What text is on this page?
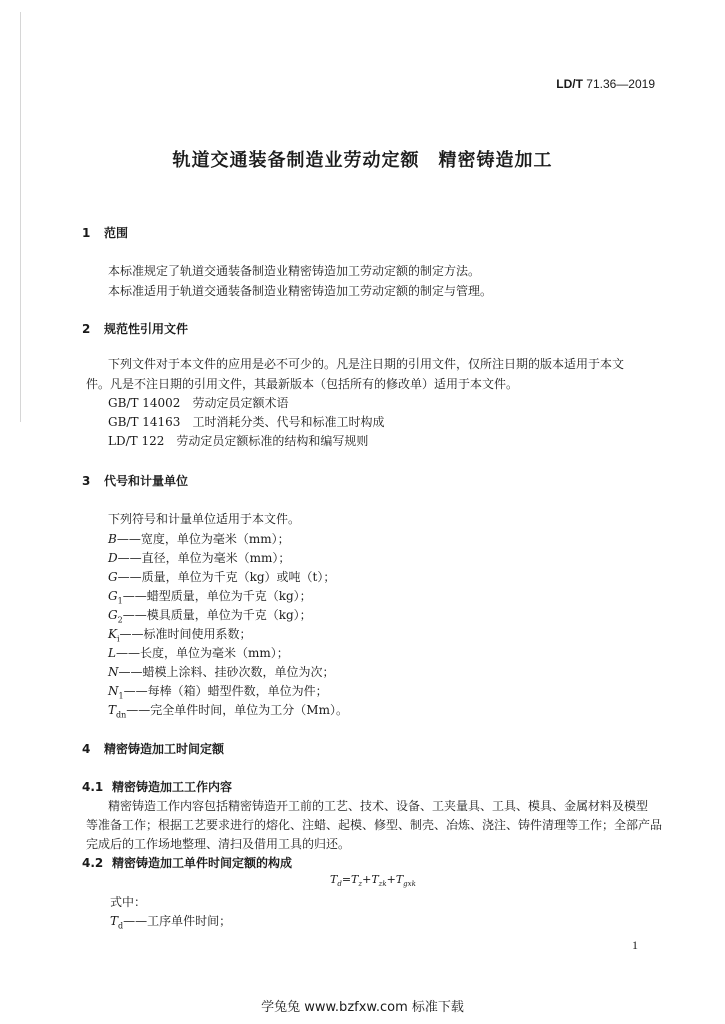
LD/T 71.36—2019
轨道交通装备制造业劳动定额　精密铸造加工
1 范围
本标准规定了轨道交通装备制造业精密铸造加工劳动定额的制定方法。
本标准适用于轨道交通装备制造业精密铸造加工劳动定额的制定与管理。
2 规范性引用文件
下列文件对于本文件的应用是必不可少的。凡是注日期的引用文件，仅所注日期的版本适用于本文
件。凡是不注日期的引用文件，其最新版本（包括所有的修改单）适用于本文件。
GB/T 14002　劳动定员定额术语
GB/T 14163　工时消耗分类、代号和标准工时构成
LD/T 122　劳动定员定额标准的结构和编写规则
3 代号和计量单位
下列符号和计量单位适用于本文件。
B——宽度，单位为毫米（mm）；
D——直径，单位为毫米（mm）；
G——质量，单位为千克（kg）或吨（t）；
$G_1——$蜡型质量，单位为千克（kg）；
$G_2——$模具质量，单位为千克（kg）；
$K_i——$标准时间使用系数；
L——长度，单位为毫米（mm）；
N——蜡模上涂料、挂砂次数，单位为次；
$N_1——$每棒（箱）蜡型件数，单位为件；
$T_{dn}——$完全单件时间，单位为工分（Mm）。
4 精密铸造加工时间定额
4.1 精密铸造加工工作内容
精密铸造工作内容包括精密铸造开工前的工艺、技术、设备、工夹量具、工具、模具、金属材料及模型
等准备工作；根据工艺要求进行的熔化、注蜡、起模、修型、制壳、冶炼、浇注、铸件清理等工作；全部产品
完成后的工作场地整理、清扫及借用工具的归还。
4.2 精密铸造加工单件时间定额的构成
$T_d=T_z+T_{zk}+T_{gxk}$
式中：
$T_d——$工序单件时间；
1
学兔兔 www.bzfxw.com 标准下载
